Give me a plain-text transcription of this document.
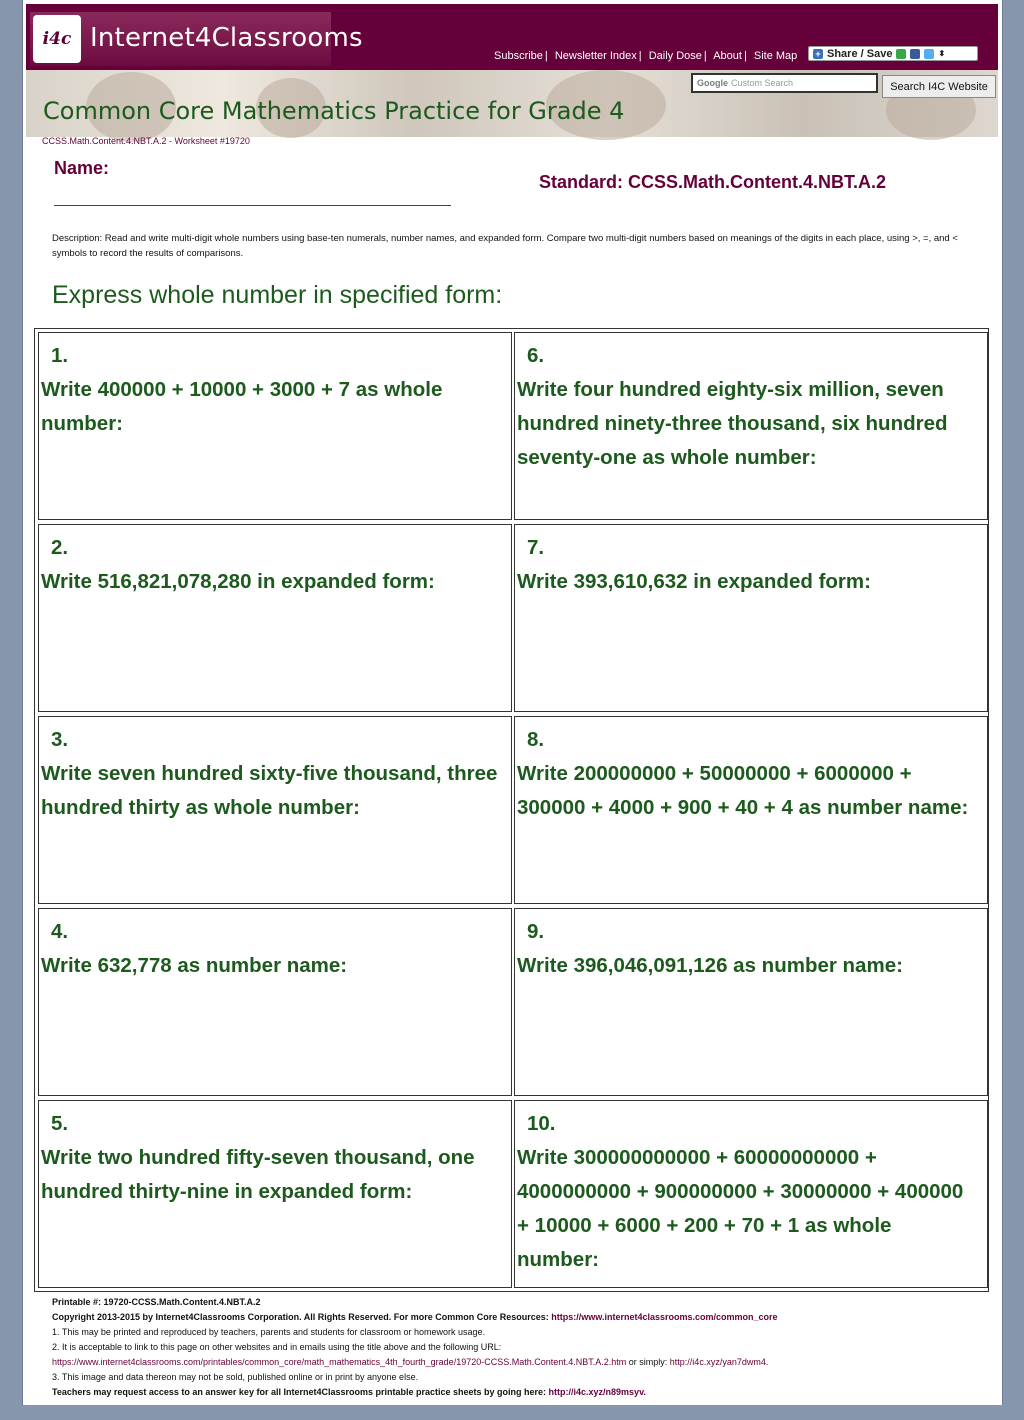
i4c Internet4Classrooms
Subscribe | Newsletter Index | Daily Dose | About | Site Map + Share / Save	⬍
Google Custom Search	Search I4C Website
Common Core Mathematics Practice for Grade 4
CCSS.Math.Content.4.NBT.A.2 - Worksheet #19720
Name:
Standard: CCSS.Math.Content.4.NBT.A.2
Description: Read and write multi-digit whole numbers using base-ten numerals, number names, and expanded form. Compare two multi-digit numbers based on meanings of the digits in each place, using >, =, and < symbols to record the results of comparisons.
Express whole number in specified form:
1.
Write 400000 + 10000 + 3000 + 7 as whole number:
6.
Write four hundred eighty-six million, seven hundred ninety-three thousand, six hundred seventy-one as whole number:
2.
Write 516,821,078,280 in expanded form:
7.
Write 393,610,632 in expanded form:
3.
Write seven hundred sixty-five thousand, three hundred thirty as whole number:
8.
Write 200000000 + 50000000 + 6000000 + 300000 + 4000 + 900 + 40 + 4 as number name:
4.
Write 632,778 as number name:
9.
Write 396,046,091,126 as number name:
5.
Write two hundred fifty-seven thousand, one hundred thirty-nine in expanded form:
10.
Write 300000000000 + 60000000000 + 4000000000 + 900000000 + 30000000 + 400000 + 10000 + 6000 + 200 + 70 + 1 as whole number:
Printable #: 19720-CCSS.Math.Content.4.NBT.A.2
Copyright 2013-2015 by Internet4Classrooms Corporation. All Rights Reserved. For more Common Core Resources: https://www.internet4classrooms.com/common_core
1. This may be printed and reproduced by teachers, parents and students for classroom or homework usage.
2. It is acceptable to link to this page on other websites and in emails using the title above and the following URL:
https://www.internet4classrooms.com/printables/common_core/math_mathematics_4th_fourth_grade/19720-CCSS.Math.Content.4.NBT.A.2.htm or simply: http://i4c.xyz/yan7dwm4.
3. This image and data thereon may not be sold, published online or in print by anyone else.
Teachers may request access to an answer key for all Internet4Classrooms printable practice sheets by going here: http://i4c.xyz/n89msyv.
